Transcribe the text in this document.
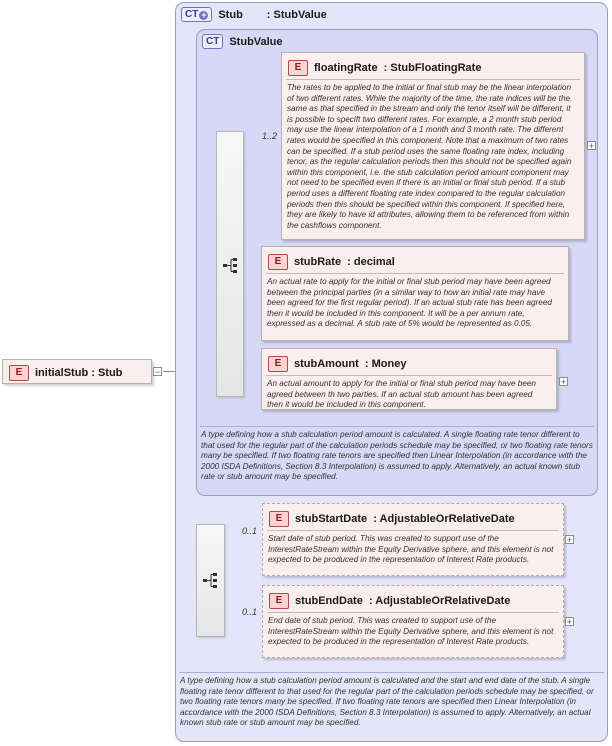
E	initialStub : Stub	−
CT +	Stub : StubValue
CT StubValue
1..2
E	floatingRate  : StubFloatingRate
The rates to be applied to the initial or final stub may be the linear interpolation of two different rates. While the majority of the time, the rate indices will be the same as that specified in the stream and only the tenor itself will be different, it is possible to specift two different rates. For example, a 2 month stub period may use the linear interpolation of a 1 month and 3 month rate. The different rates would be specified in this component. Note that a maximum of two rates can be specified. If a stub period uses the same floating rate index, including tenor, as the regular calculation periods then this should not be specified again within this component, i.e. the stub calculation period amount component may not need to be specified even if there is an initial or final stub period. If a stub period uses a different floating rate index compared to the regular calculation periods then this should be specified within this component. If specified here, they are likely to have id attributes, allowing them to be referenced from within the cashflows component.
+
E	stubRate  : decimal
An actual rate to apply for the initial or final stub period may have been agreed between the principal parties (in a similar way to how an initial rate may have been agreed for the first regular period). If an actual stub rate has been agreed then it would be included in this component. It will be a per annum rate, expressed as a decimal. A stub rate of 5% would be represented as 0.05.
E	stubAmount  : Money
An actual amount to apply for the initial or final stub period may have been agreed between th two parties. If an actual stub amount has been agreed then it would be included in this component.
+
A type defining how a stub calculation period amount is calculated. A single floating rate tenor different to that used for the regular part of the calculation periods schedule may be specified, or two floating rate tenors many be specified. If two floating rate tenors are specified then Linear Interpolation (in accordance with the 2000 ISDA Definitions, Section 8.3 Interpolation) is assumed to apply. Alternatively, an actual known stub rate or stub amount may be specified.
0..1
E	stubStartDate  : AdjustableOrRelativeDate
Start date of stub period. This was created to support use of the InterestRateStream within the Equity Derivative sphere, and this element is not expected to be produced in the representation of Interest Rate products.
+
0..1
E	stubEndDate  : AdjustableOrRelativeDate
End date of stub period. This was created to support use of the InterestRateStream within the Equity Derivative sphere, and this element is not expected to be produced in the representation of Interest Rate products.
+
A type defining how a stub calculation period amount is calculated and the start and end date of the stub. A single floating rate tenor different to that used for the regular part of the calculation periods schedule may be specified, or two floating rate tenors many be specified. If two floating rate tenors are specified then Linear Interpolation (in accordance with the 2000 ISDA Definitions, Section 8.3 Interpolation) is assumed to apply. Alternatively, an actual known stub rate or stub amount may be specified.
